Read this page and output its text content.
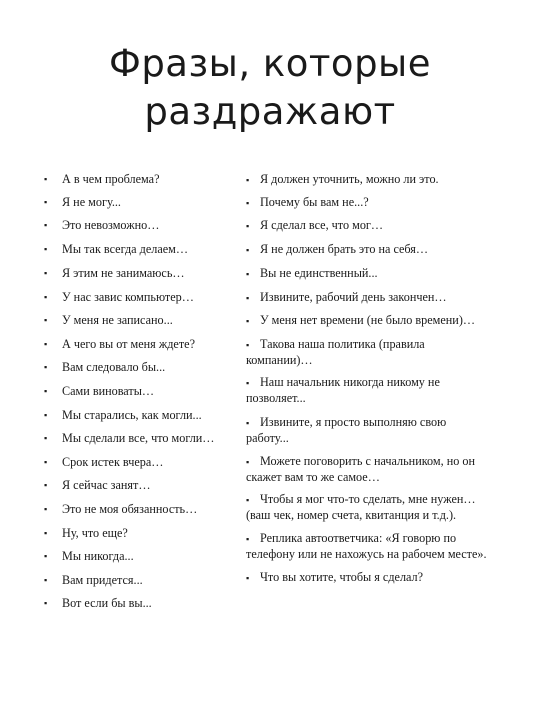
Фразы, которые
раздражают
▪ А в чем проблема?
▪ Я не могу...
▪ Это невозможно…
▪ Мы так всегда делаем…
▪ Я этим не занимаюсь…
▪ У нас завис компьютер…
▪ У меня не записано...
▪ А чего вы от меня ждете?
▪ Вам следовало бы...
▪ Сами виноваты…
▪ Мы старались, как могли...
▪ Мы сделали все, что могли…
▪ Срок истек вчера…
▪ Я сейчас занят…
▪ Это не моя обязанность…
▪ Ну, что еще?
▪ Мы никогда...
▪ Вам придется...
▪ Вот если бы вы...
▪ Я должен уточнить, можно ли это.
▪ Почему бы вам не...?
▪ Я сделал все, что мог…
▪ Я не должен брать это на себя…
▪ Вы не единственный...
▪ Извините, рабочий день закончен…
▪ У меня нет времени (не было времени)…
▪ Такова наша политика (правила
компании)…
▪ Наш начальник никогда никому не
позволяет...
▪ Извините, я просто выполняю свою
работу...
▪ Можете поговорить с начальником, но он
скажет вам то же самое…
▪ Чтобы я мог что-то сделать, мне нужен…
(ваш чек, номер счета, квитанция и т.д.).
▪ Реплика автоответчика: «Я говорю по
телефону или не нахожусь на рабочем месте».
▪ Что вы хотите, чтобы я сделал?
